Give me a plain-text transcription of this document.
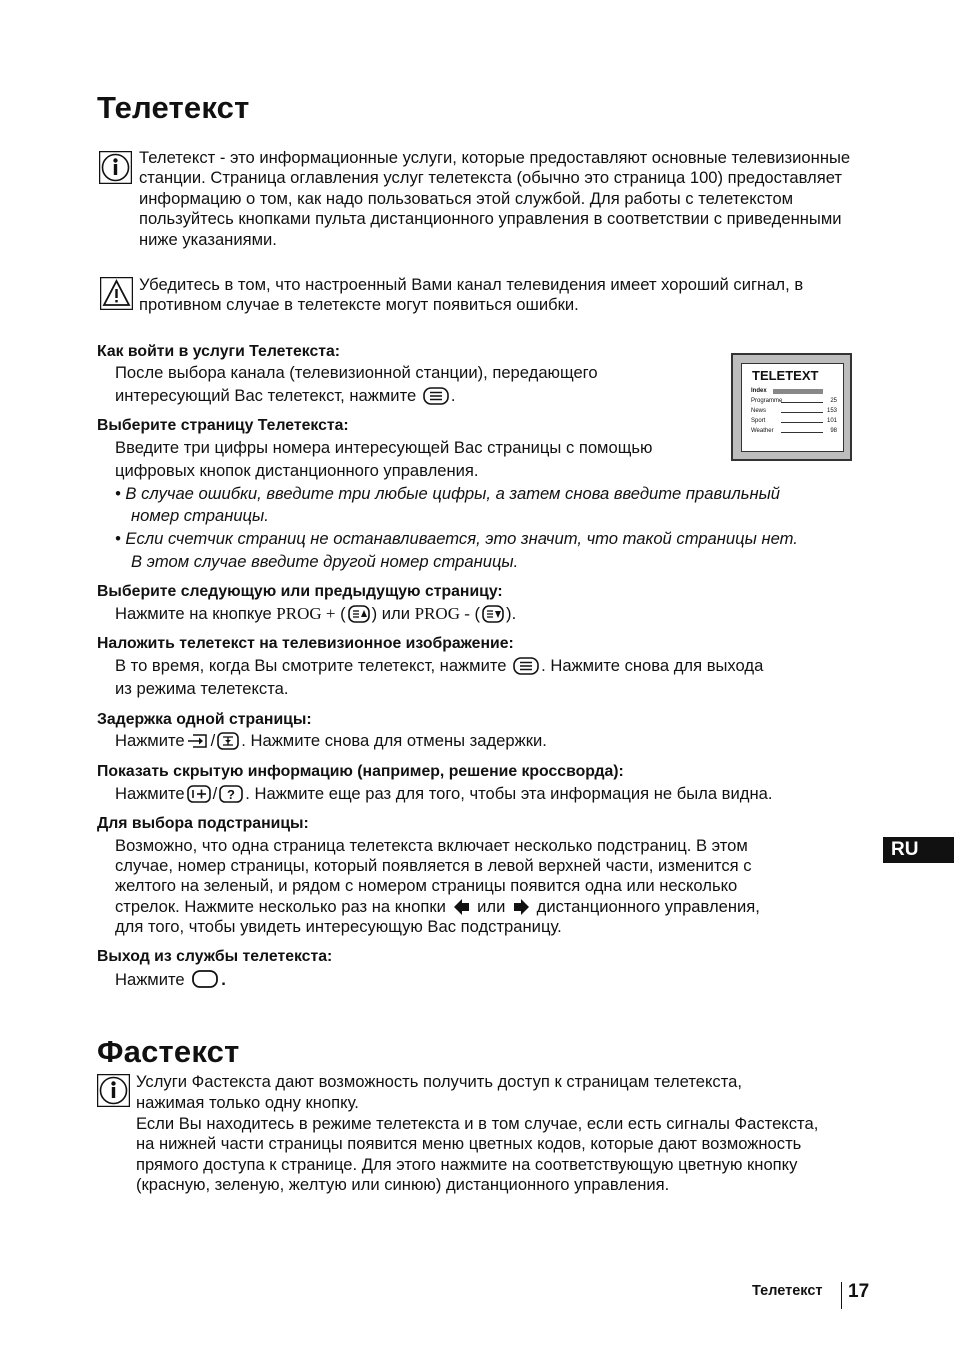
Телетекст
Телетекст - это информационные услуги, которые предоставляют основные телевизионные станции. Страница оглавления услуг телетекста (обычно это страница 100) предоставляет информацию о том, как надо пользоваться этой службой. Для работы с телетекстом пользуйтесь кнопками пульта дистанционного управления в соответствии с приведенными ниже указаниями.
Убедитесь в том, что настроенный Вами канал телевидения имеет хороший сигнал, в противном случае в телетексте могут появиться ошибки.
TELETEXT
Index
Programme	25
News	153
Sport	101
Weather	98
Как войти в услуги Телетекста:
После выбора канала (телевизионной станции), передающего
интересующий Вас телетекст, нажмите .
Выберите страницу Телетекста:
Введите три цифры номера интересующей Вас страницы с помощью
цифровых кнопок дистанционного управления.
• В случае ошибки, введите три любые цифры, а затем снова введите правильный
номер страницы.
• Если счетчик страниц не останавливается, это значит, что такой страницы нет.
В этом случае введите другой номер страницы.
Выберите следующую или предыдущую страницу:
Нажмите на кнопкуе PROG + ( ) или PROG - ( ).
Наложить телетекст на телевизионное изображение:
В то время, когда Вы смотрите телетекст, нажмите . Нажмите снова для выхода
из режима телетекста.
Задержка одной страницы:
Нажмите / . Нажмите снова для отмены задержки.
Показать скрытую информацию (например, решение кроссворда):
Нажмите / ? . Нажмите еще раз для того, чтобы эта информация не была видна.
Для выбора подстраницы:
Возможно, что одна страница телетекста включает несколько подстраниц. В этом
случае, номер страницы, который появляется в левой верхней части, изменится с
желтого на зеленый, и рядом с номером страницы появится одна или несколько
стрелок. Нажмите несколько раз на кнопки или дистанционного управления,
для того, чтобы увидеть интересующую Вас подстраницу.
Выход из службы телетекста:
Нажмите .
Фастекст
Услуги Фастекста дают возможность получить доступ к страницам телетекста,
нажимая только одну кнопку.
Если Вы находитесь в режиме телетекста и в том случае, если есть сигналы Фастекста, на нижней части страницы появится меню цветных кодов, которые дают возможность прямого доступа к странице. Для этого нажмите на соответствующую цветную кнопку (красную, зеленую, желтую или синюю) дистанционного управления.
RU
Телетекст 17
